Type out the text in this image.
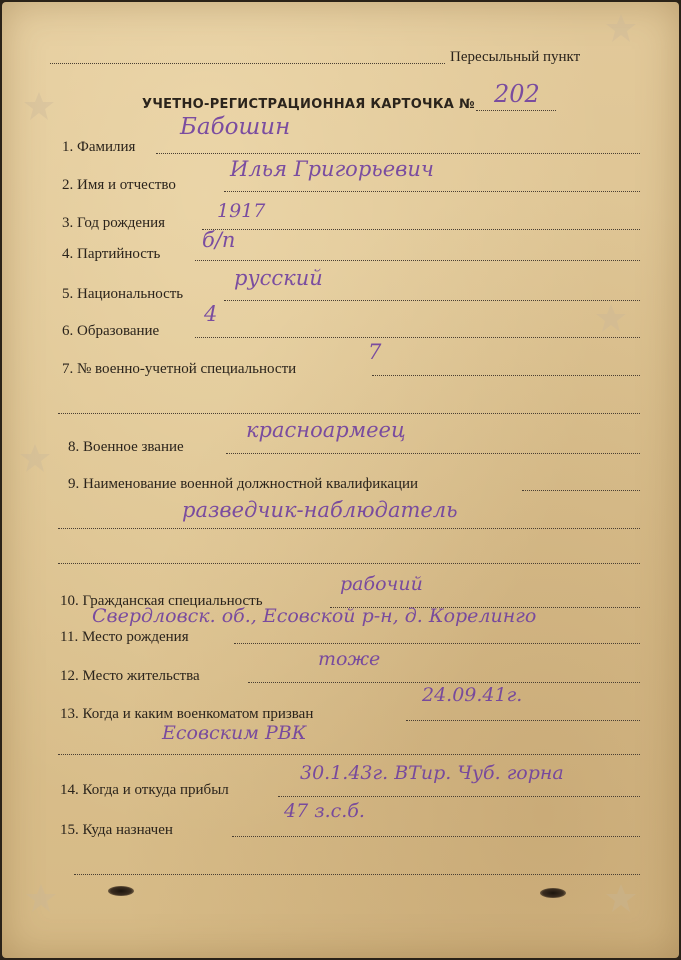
Пересыльный пункт
УЧЕТНО-РЕГИСТРАЦИОННАЯ КАРТОЧКА № 202
1. Фамилия
Бабошин
2. Имя и отчество
Илья Григорьевич
3. Год рождения
1917
4. Партийность
б/п
5. Национальность
русский
6. Образование
4
7. № военно-учетной специальности
7
8. Военное звание
красноармеец
9. Наименование военной должностной квалификации
разведчик-наблюдатель
10. Гражданская специальность
рабочий
Свердловск. об., Есовской р-н, д. Корелинго
11. Место рождения
12. Место жительства
тоже
13. Когда и каким военкоматом призван
24.09.41г.
Есовским РВК
14. Когда и откуда прибыл
30.1.43г. ВТир. Чуб. горна
15. Куда назначен
47 з.с.б.
